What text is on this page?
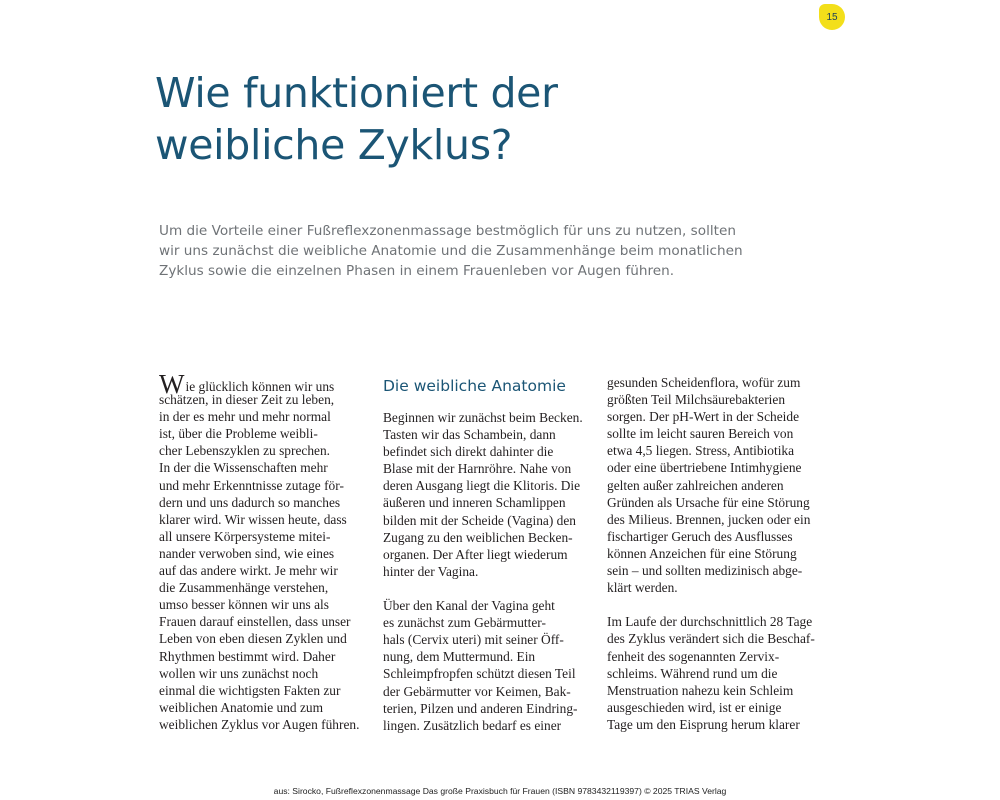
15
Wie funktioniert der
weibliche Zyklus?

Um die Vorteile einer Fußreflexzonenmassage bestmöglich für uns zu nutzen, sollten
wir uns zunächst die weibliche Anatomie und die Zusammenhänge beim monatlichen
Zyklus sowie die einzelnen Phasen in einem Frauenleben vor Augen führen.

Wie glücklich können wir uns
schätzen, in dieser Zeit zu leben,
in der es mehr und mehr normal
ist, über die Probleme weibli-
cher Lebenszyklen zu sprechen.
In der die Wissenschaften mehr
und mehr Erkenntnisse zutage för-
dern und uns dadurch so manches
klarer wird. Wir wissen heute, dass
all unsere Körpersysteme mitei-
nander verwoben sind, wie eines
auf das andere wirkt. Je mehr wir
die Zusammenhänge verstehen,
umso besser können wir uns als
Frauen darauf einstellen, dass unser
Leben von eben diesen Zyklen und
Rhythmen bestimmt wird. Daher
wollen wir uns zunächst noch
einmal die wichtigsten Fakten zur
weiblichen Anatomie und zum
weiblichen Zyklus vor Augen führen.
Die weibliche Anatomie
Beginnen wir zunächst beim Becken.
Tasten wir das Schambein, dann
befindet sich direkt dahinter die
Blase mit der Harnröhre. Nahe von
deren Ausgang liegt die Klitoris. Die
äußeren und inneren Schamlippen
bilden mit der Scheide (Vagina) den
Zugang zu den weiblichen Becken-
organen. Der After liegt wiederum
hinter der Vagina.
Über den Kanal der Vagina geht
es zunächst zum Gebärmutter-
hals (Cervix uteri) mit seiner Öff-
nung, dem Muttermund. Ein
Schleimpfropfen schützt diesen Teil
der Gebärmutter vor Keimen, Bak-
terien, Pilzen und anderen Eindring-
lingen. Zusätzlich bedarf es einer
gesunden Scheidenflora, wofür zum
größten Teil Milchsäurebakterien
sorgen. Der pH-Wert in der Scheide
sollte im leicht sauren Bereich von
etwa 4,5 liegen. Stress, Antibiotika
oder eine übertriebene Intimhygiene
gelten außer zahlreichen anderen
Gründen als Ursache für eine Störung
des Milieus. Brennen, jucken oder ein
fischartiger Geruch des Ausflusses
können Anzeichen für eine Störung
sein – und sollten medizinisch abge-
klärt werden.
Im Laufe der durchschnittlich 28 Tage
des Zyklus verändert sich die Beschaf-
fenheit des sogenannten Zervix-
schleims. Während rund um die
Menstruation nahezu kein Schleim
ausgeschieden wird, ist er einige
Tage um den Eisprung herum klarer
aus: Sirocko, Fußreflexzonenmassage Das große Praxisbuch für Frauen (ISBN 9783432119397) © 2025 TRIAS Verlag
